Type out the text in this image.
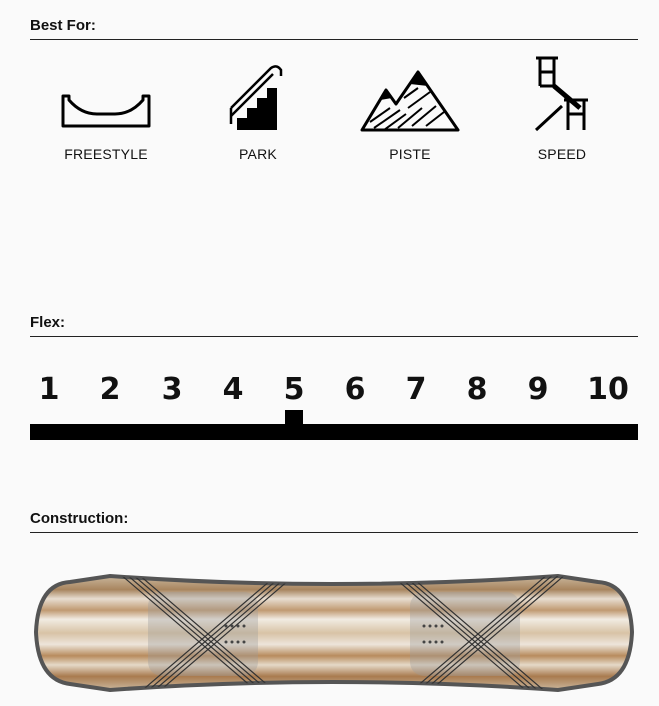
Best For:
FREESTYLE	PARK	PISTE	SPEED
Flex:
1 2 3 4 5 6 7 8 9 10
Construction:
